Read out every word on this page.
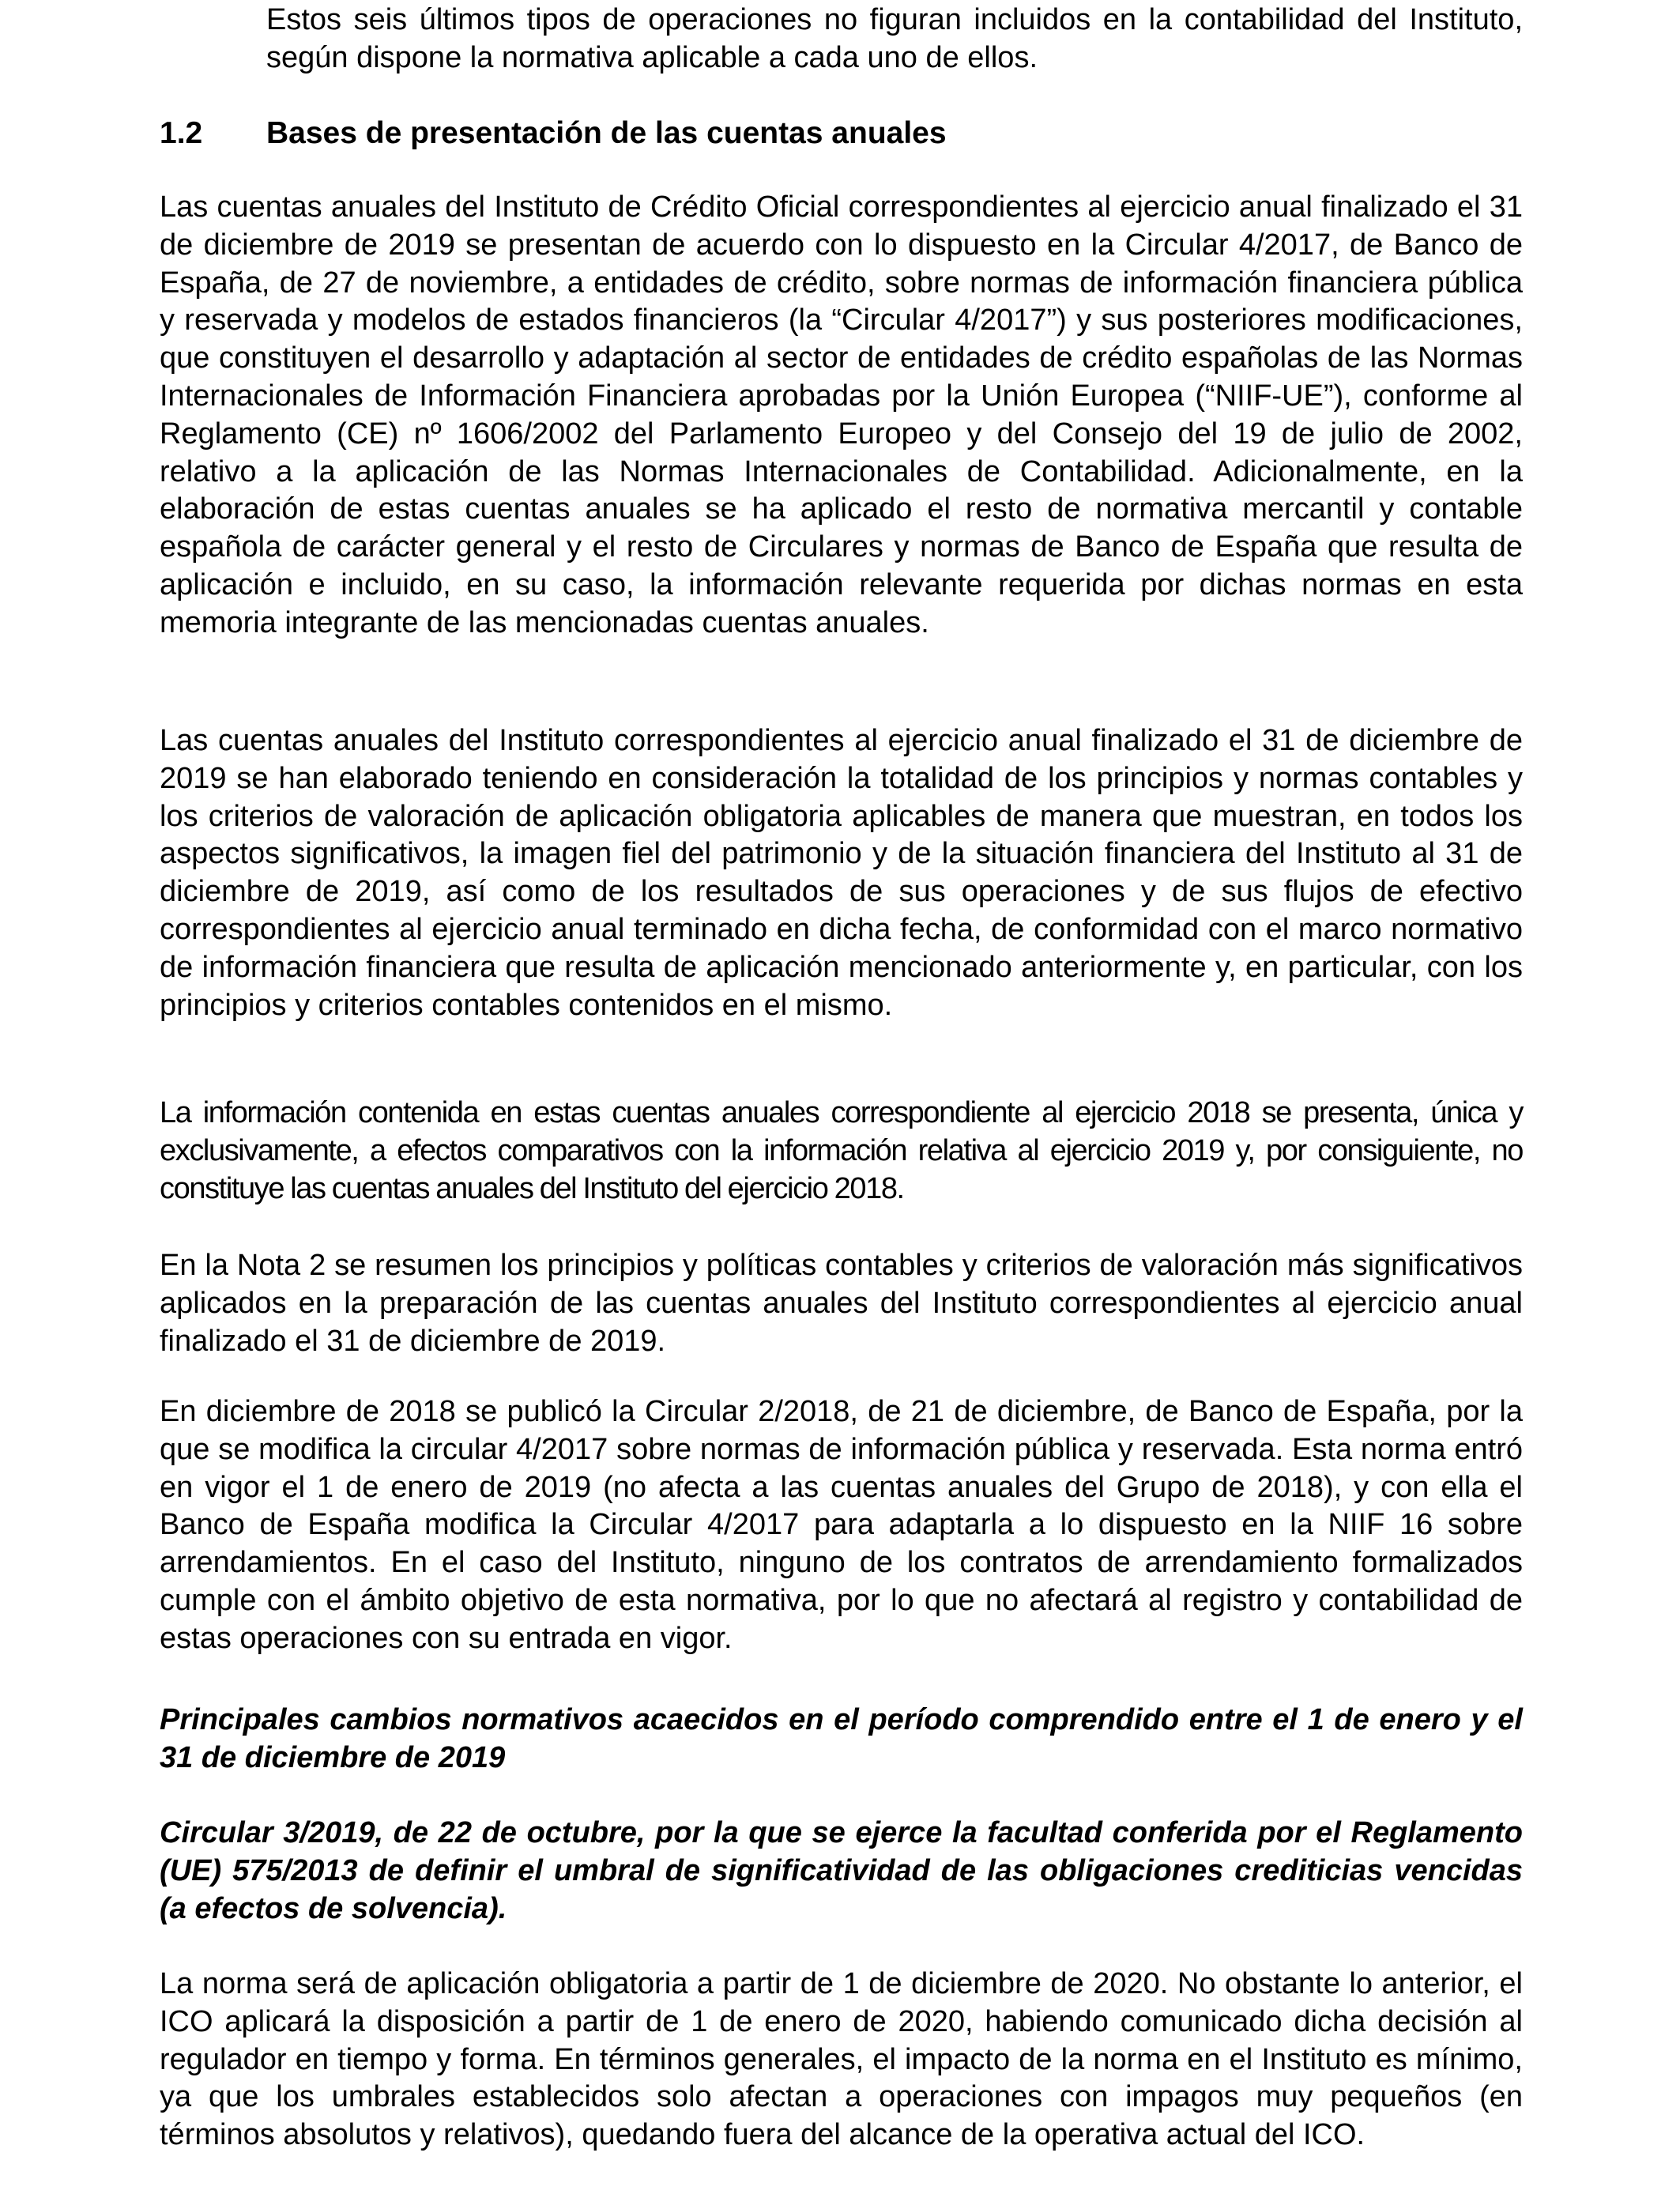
Estos seis últimos tipos de operaciones no figuran incluidos en la contabilidad del Instituto, según dispone la normativa aplicable a cada uno de ellos.

1.2 Bases de presentación de las cuentas anuales

Las cuentas anuales del Instituto de Crédito Oficial correspondientes al ejercicio anual finalizado el 31 de diciembre de 2019 se presentan de acuerdo con lo dispuesto en la Circular 4/2017, de Banco de España, de 27 de noviembre, a entidades de crédito, sobre normas de información financiera pública y reservada y modelos de estados financieros (la “Circular 4/2017”) y sus posteriores modificaciones, que constituyen el desarrollo y adaptación al sector de entidades de crédito españolas de las Normas Internacionales de Información Financiera aprobadas por la Unión Europea (“NIIF-UE”), conforme al Reglamento (CE) nº 1606/2002 del Parlamento Europeo y del Consejo del 19 de julio de 2002, relativo a la aplicación de las Normas Internacionales de Contabilidad. Adicionalmente, en la elaboración de estas cuentas anuales se ha aplicado el resto de normativa mercantil y contable española de carácter general y el resto de Circulares y normas de Banco de España que resulta de aplicación e incluido, en su caso, la información relevante requerida por dichas normas en esta memoria integrante de las mencionadas cuentas anuales.

Las cuentas anuales del Instituto correspondientes al ejercicio anual finalizado el 31 de diciembre de 2019 se han elaborado teniendo en consideración la totalidad de los principios y normas contables y los criterios de valoración de aplicación obligatoria aplicables de manera que muestran, en todos los aspectos significativos, la imagen fiel del patrimonio y de la situación financiera del Instituto al 31 de diciembre de 2019, así como de los resultados de sus operaciones y de sus flujos de efectivo correspondientes al ejercicio anual terminado en dicha fecha, de conformidad con el marco normativo de información financiera que resulta de aplicación mencionado anteriormente y, en particular, con los principios y criterios contables contenidos en el mismo.

La información contenida en estas cuentas anuales correspondiente al ejercicio 2018 se presenta, única y exclusivamente, a efectos comparativos con la información relativa al ejercicio 2019 y, por consiguiente, no constituye las cuentas anuales del Instituto del ejercicio 2018.

En la Nota 2 se resumen los principios y políticas contables y criterios de valoración más significativos aplicados en la preparación de las cuentas anuales del Instituto correspondientes al ejercicio anual finalizado el 31 de diciembre de 2019.

En diciembre de 2018 se publicó la Circular 2/2018, de 21 de diciembre, de Banco de España, por la que se modifica la circular 4/2017 sobre normas de información pública y reservada. Esta norma entró en vigor el 1 de enero de 2019 (no afecta a las cuentas anuales del Grupo de 2018), y con ella el Banco de España modifica la Circular 4/2017 para adaptarla a lo dispuesto en la NIIF 16 sobre arrendamientos. En el caso del Instituto, ninguno de los contratos de arrendamiento formalizados cumple con el ámbito objetivo de esta normativa, por lo que no afectará al registro y contabilidad de estas operaciones con su entrada en vigor.

Principales cambios normativos acaecidos en el período comprendido entre el 1 de enero y el 31 de diciembre de 2019

Circular 3/2019, de 22 de octubre, por la que se ejerce la facultad conferida por el Reglamento (UE) 575/2013 de definir el umbral de significatividad de las obligaciones crediticias vencidas (a efectos de solvencia).

La norma será de aplicación obligatoria a partir de 1 de diciembre de 2020. No obstante lo anterior, el ICO aplicará la disposición a partir de 1 de enero de 2020, habiendo comunicado dicha decisión al regulador en tiempo y forma. En términos generales, el impacto de la norma en el Instituto es mínimo, ya que los umbrales establecidos solo afectan a operaciones con impagos muy pequeños (en términos absolutos y relativos), quedando fuera del alcance de la operativa actual del ICO.
